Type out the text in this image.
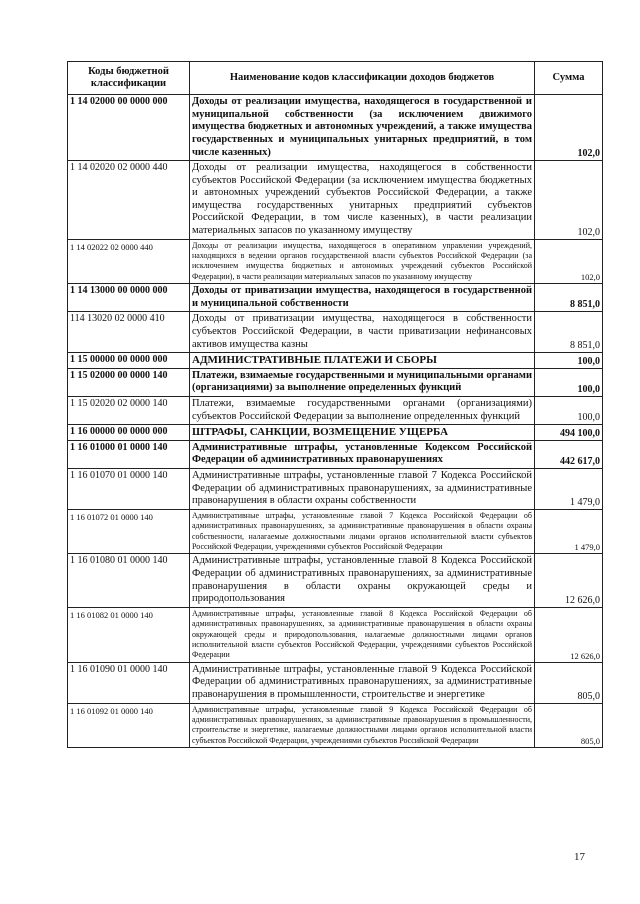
Коды бюджетной классификации	Наименование кодов классификации доходов бюджетов	Сумма
1 14 02000 00 0000 000	Доходы от реализации имущества, находящегося в государственной и муниципальной собственности (за исключением движимого имущества бюджетных и автономных учреждений, а также имущества государственных и муниципальных унитарных предприятий, в том числе казенных)	102,0
1 14 02020 02 0000 440	Доходы от реализации имущества, находящегося в собственности субъектов Российской Федерации (за исключением имущества бюджетных и автономных учреждений субъектов Российской Федерации, а также имущества государственных унитарных предприятий субъектов Российской Федерации, в том числе казенных), в части реализации материальных запасов по указанному имуществу	102,0
1 14 02022 02 0000 440	Доходы от реализации имущества, находящегося в оперативном управлении учреждений, находящихся в ведении органов государственной власти субъектов Российской Федерации (за исключением имущества бюджетных и автономных учреждений субъектов Российской Федерации), в части реализации материальных запасов по указанному имуществу	102,0
1 14 13000 00 0000 000	Доходы от приватизации имущества, находящегося в государственной и муниципальной собственности	8 851,0
114 13020 02 0000 410	Доходы от приватизации имущества, находящегося в собственности субъектов Российской Федерации, в части приватизации нефинансовых активов имущества казны	8 851,0
1 15 00000 00 0000 000	АДМИНИСТРАТИВНЫЕ ПЛАТЕЖИ И СБОРЫ	100,0
1 15 02000 00 0000 140	Платежи, взимаемые государственными и муниципальными органами (организациями) за выполнение определенных функций	100,0
1 15 02020 02 0000 140	Платежи, взимаемые государственными органами (организациями) субъектов Российской Федерации за выполнение определенных функций	100,0
1 16 00000 00 0000 000	ШТРАФЫ, САНКЦИИ, ВОЗМЕЩЕНИЕ УЩЕРБА	494 100,0
1 16 01000 01 0000 140	Административные штрафы, установленные Кодексом Российской Федерации об административных правонарушениях	442 617,0
1 16 01070 01 0000 140	Административные штрафы, установленные главой 7 Кодекса Российской Федерации об административных правонарушениях, за административные правонарушения в области охраны собственности	1 479,0
1 16 01072 01 0000 140	Административные штрафы, установленные главой 7 Кодекса Российской Федерации об административных правонарушениях, за административные правонарушения в области охраны собственности, налагаемые должностными лицами органов исполнительной власти субъектов Российской Федерации, учреждениями субъектов Российской Федерации	1 479,0
1 16 01080 01 0000 140	Административные штрафы, установленные главой 8 Кодекса Российской Федерации об административных правонарушениях, за административные правонарушения в области охраны окружающей среды и природопользования	12 626,0
1 16 01082 01 0000 140	Административные штрафы, установленные главой 8 Кодекса Российской Федерации об административных правонарушениях, за административные правонарушения в области охраны окружающей среды и природопользования, налагаемые должностными лицами органов исполнительной власти субъектов Российской Федерации, учреждениями субъектов Российской Федерации	12 626,0
1 16 01090 01 0000 140	Административные штрафы, установленные главой 9 Кодекса Российской Федерации об административных правонарушениях, за административные правонарушения в промышленности, строительстве и энергетике	805,0
1 16 01092 01 0000 140	Административные штрафы, установленные главой 9 Кодекса Российской Федерации об административных правонарушениях, за административные правонарушения в промышленности, строительстве и энергетике, налагаемые должностными лицами органов исполнительной власти субъектов Российской Федерации, учреждениями субъектов Российской Федерации	805,0
17
